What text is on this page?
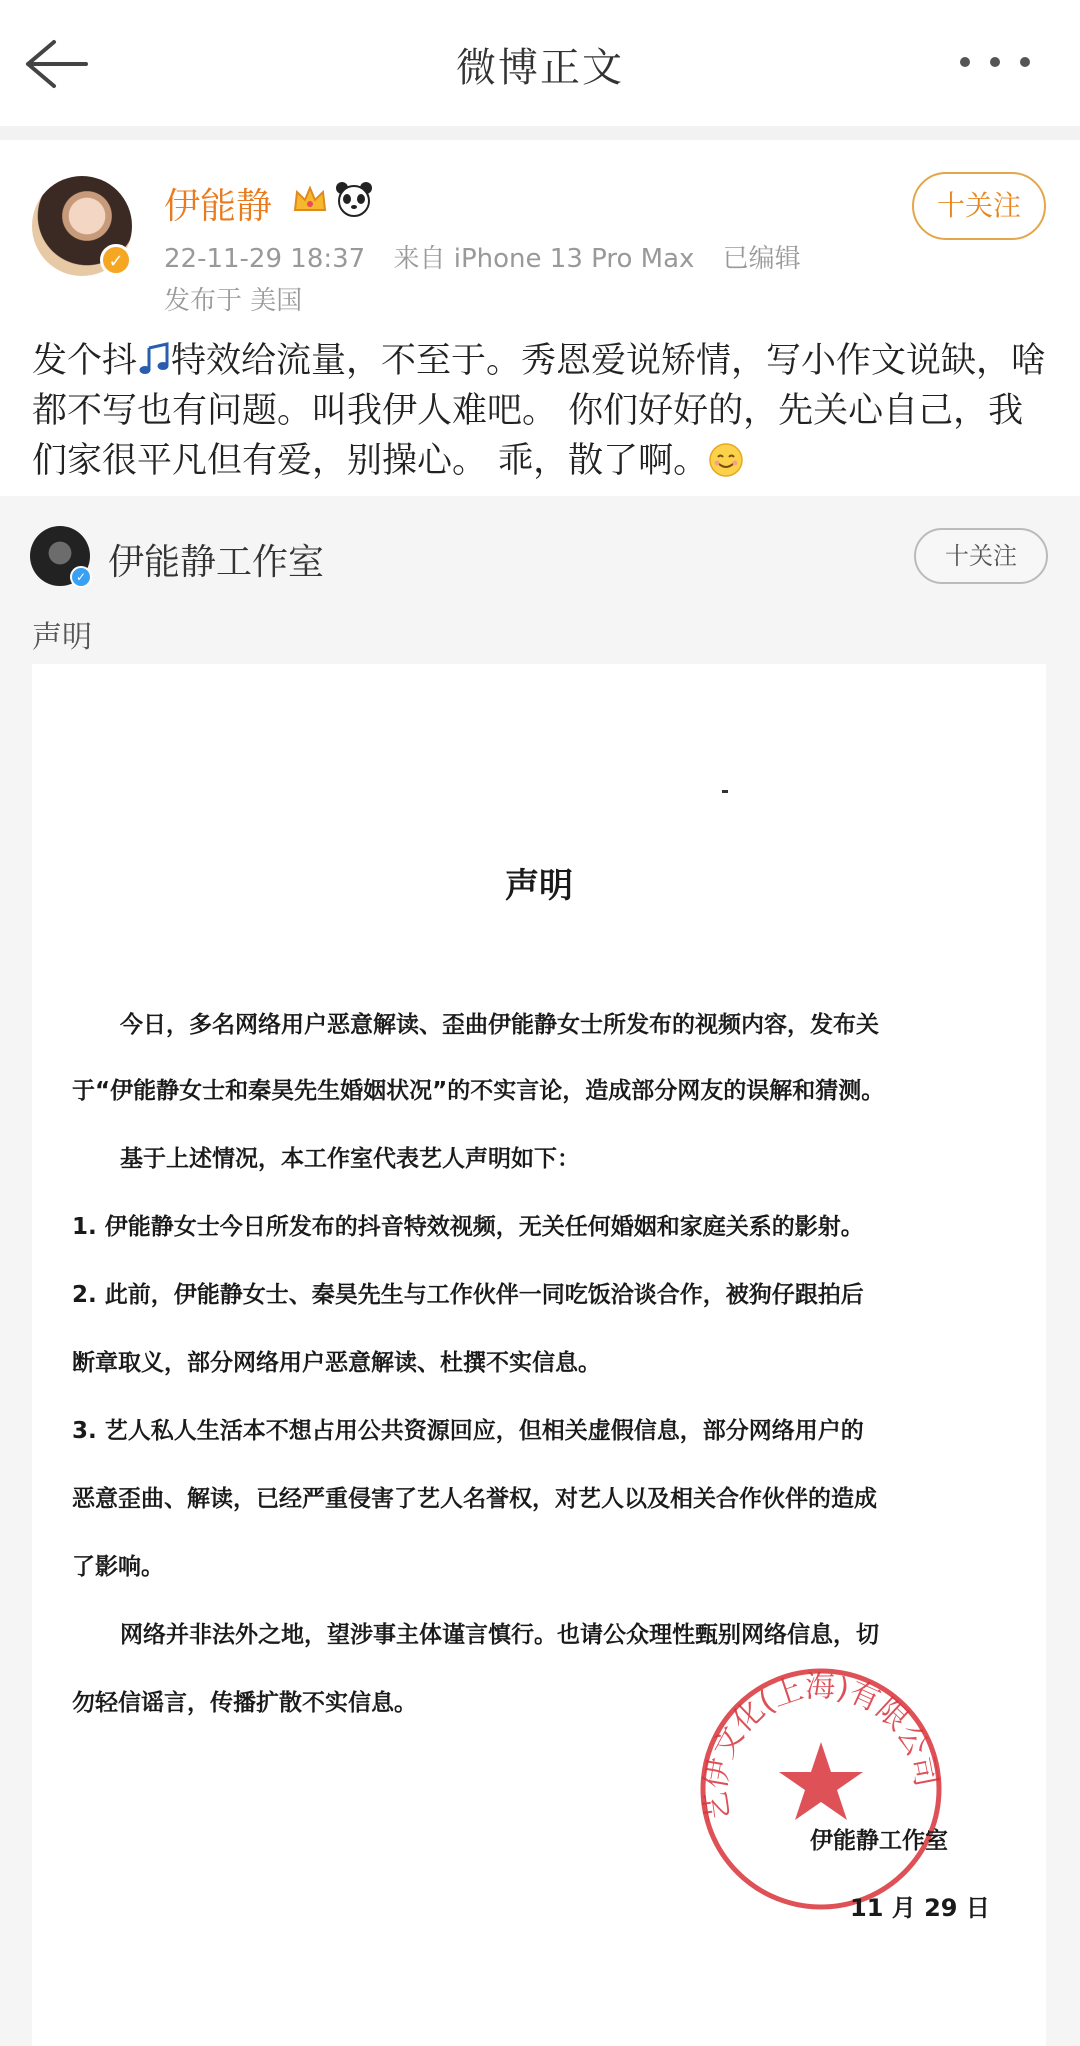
微博正文
✓
伊能静
22-11-29 18:37 来自 iPhone 13 Pro Max 已编辑
发布于 美国
十关注
发个抖 特效给流量，不至于。秀恩爱说矫情，写小作文说缺，啥都不写也有问题。叫我伊人难吧。 你们好好的，先关心自己，我们家很平凡但有爱，别操心。 乖，散了啊。
✓ 伊能静工作室	十关注
声明
声明
今日，多名网络用户恶意解读、歪曲伊能静女士所发布的视频内容，发布关
于“伊能静女士和秦昊先生婚姻状况”的不实言论，造成部分网友的误解和猜测。
基于上述情况，本工作室代表艺人声明如下：
1. 伊能静女士今日所发布的抖音特效视频，无关任何婚姻和家庭关系的影射。
2. 此前，伊能静女士、秦昊先生与工作伙伴一同吃饭洽谈合作，被狗仔跟拍后
断章取义，部分网络用户恶意解读、杜撰不实信息。
3. 艺人私人生活本不想占用公共资源回应，但相关虚假信息，部分网络用户的
恶意歪曲、解读，已经严重侵害了艺人名誉权，对艺人以及相关合作伙伴的造成
了影响。
网络并非法外之地，望涉事主体谨言慎行。也请公众理性甄别网络信息，切
勿轻信谣言，传播扩散不实信息。
艺伊文化(上海)有限公司
伊能静工作室
11 月 29 日
